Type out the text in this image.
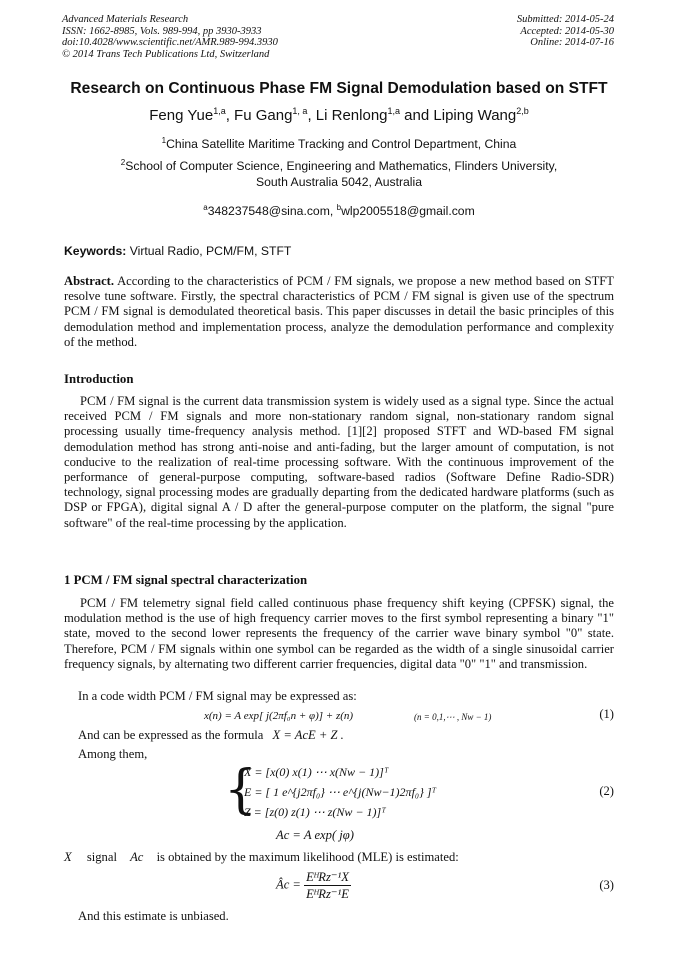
Advanced Materials Research
ISSN: 1662-8985, Vols. 989-994, pp 3930-3933
doi:10.4028/www.scientific.net/AMR.989-994.3930
© 2014 Trans Tech Publications Ltd, Switzerland
Submitted: 2014-05-24
Accepted: 2014-05-30
Online: 2014-07-16
Research on Continuous Phase FM Signal Demodulation based on STFT
Feng Yue$^{1,a}$, Fu Gang$^{1, a}$, Li Renlong$^{1,a}$ and Liping Wang$^{2,b}$
$^1$China Satellite Maritime Tracking and Control Department, China
$^2$School of Computer Science, Engineering and Mathematics, Flinders University,
South Australia 5042, Australia
$^a$348237548@sina.com, $^b$wlp2005518@gmail.com
Keywords: Virtual Radio, PCM/FM, STFT
Abstract. According to the characteristics of PCM / FM signals, we propose a new method based on STFT resolve tune software. Firstly, the spectral characteristics of PCM / FM signal is given use of the spectrum PCM / FM signal is demodulated theoretical basis. This paper discusses in detail the basic principles of this demodulation method and implementation process, analyze the demodulation performance and complexity of the method.
Introduction
PCM / FM signal is the current data transmission system is widely used as a signal type. Since the actual received PCM / FM signals and more non-stationary random signal, non-stationary random signal processing usually time-frequency analysis method. [1][2] proposed STFT and WD-based FM signal demodulation method has strong anti-noise and anti-fading, but the larger amount of computation, is not conducive to the realization of real-time processing software. With the continuous improvement of the performance of general-purpose computing, software-based radios (Software Define Radio-SDR) technology, signal processing modes are gradually departing from the dedicated hardware platforms (such as DSP or FPGA), digital signal A / D after the general-purpose computer on the platform, the signal "pure software" of the real-time processing by the application.
1 PCM / FM signal spectral characterization
PCM / FM telemetry signal field called continuous phase frequency shift keying (CPFSK) signal, the modulation method is the use of high frequency carrier moves to the first symbol representing a binary "1" state, moved to the second lower represents the frequency of the carrier wave binary symbol "0" state. Therefore, PCM / FM signals within one symbol can be regarded as the width of a single sinusoidal carrier frequency signals, by alternating two different carrier frequencies, digital data "0" "1" and transmission.
In a code width PCM / FM signal may be expressed as:
x(n) = A exp[ j(2πf₀n + φ)] + z(n)	(n = 0,1,⋯ , Nw − 1)	(1)
And can be expressed as the formula X = AcE + Z .
Among them,
{
X = [x(0) x(1) ⋯ x(Nw − 1)]ᵀ
E = [ 1 e^{j2πf₀} ⋯ e^{j(Nw−1)2πf₀} ]ᵀ
Z = [z(0) z(1) ⋯ z(Nw − 1)]ᵀ
(2)
Ac = A exp( jφ)
X signal Ac is obtained by the maximum likelihood (MLE) is estimated:
Âc = $\frac{\text{EᴴRz⁻¹X}}{\text{EᴴRz⁻¹E}}$	(3)
And this estimate is unbiased.
